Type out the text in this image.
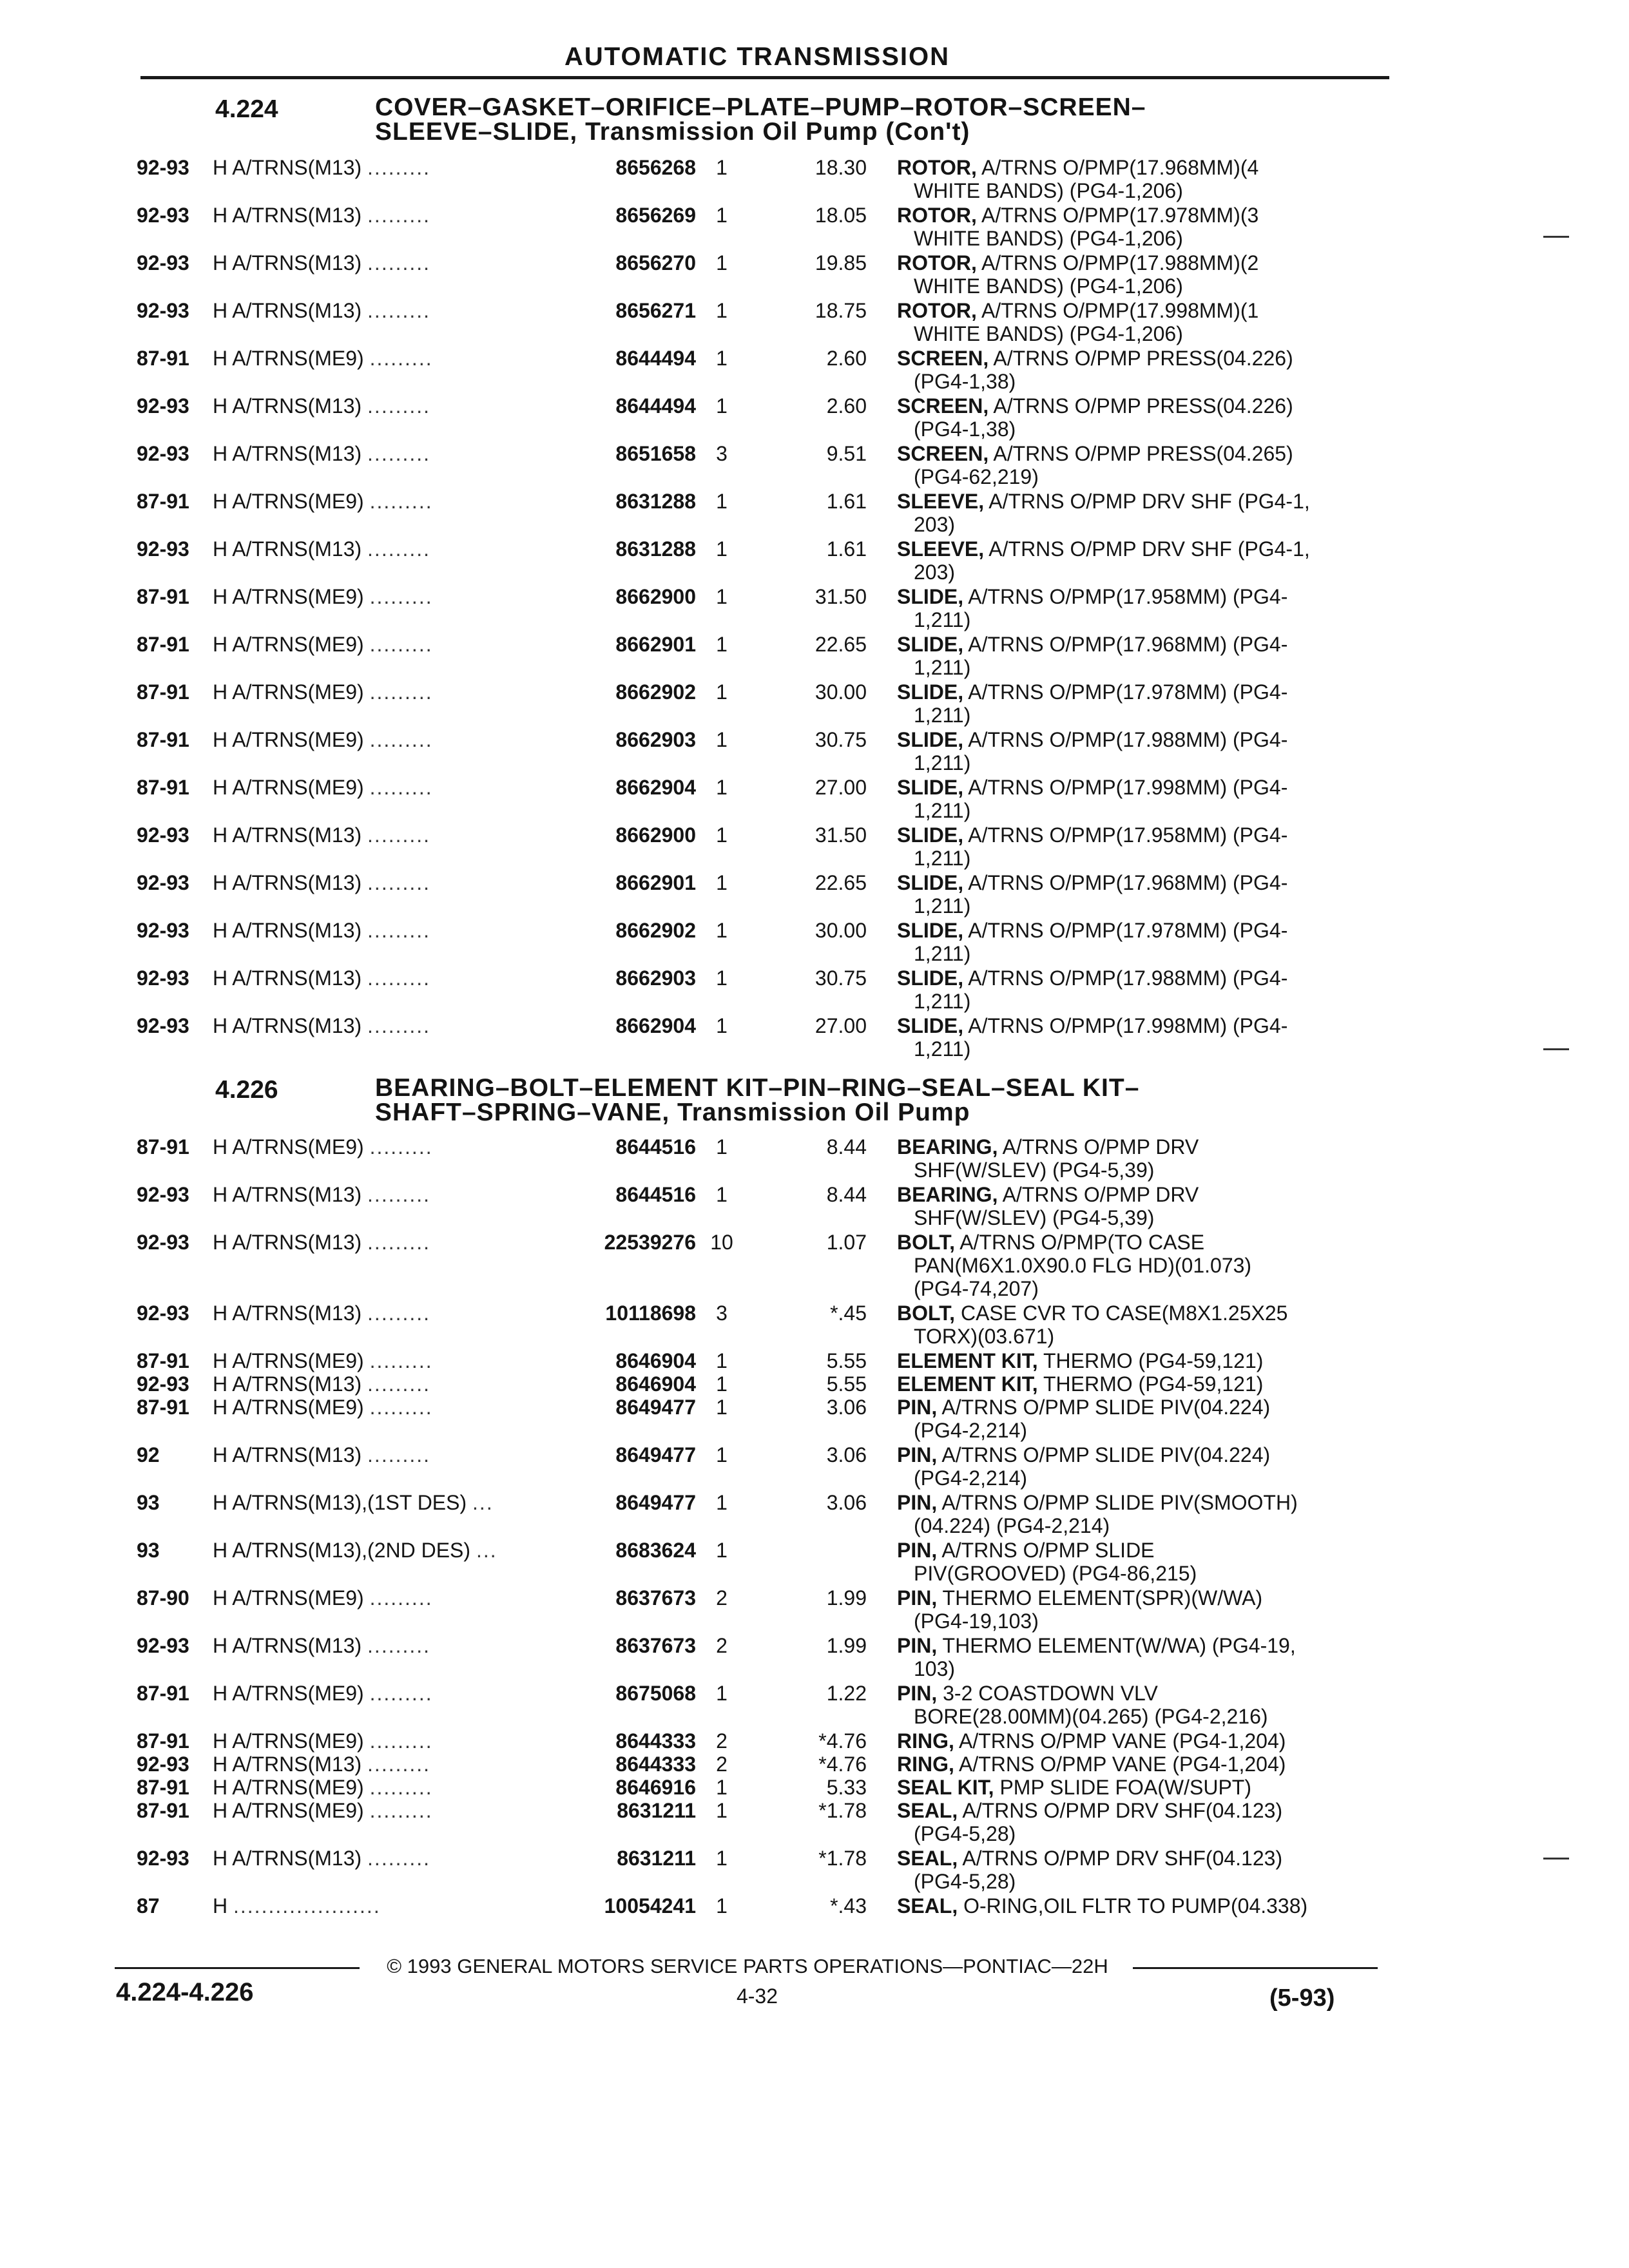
AUTOMATIC TRANSMISSION
4.224	COVER–GASKET–ORIFICE–PLATE–PUMP–ROTOR–SCREEN–
SLEEVE–SLIDE, Transmission Oil Pump (Con't)
92-93 H A/TRNS(M13) .........	8656268 1	18.30 ROTOR, A/TRNS O/PMP(17.968MM)(4
WHITE BANDS) (PG4-1,206)
92-93 H A/TRNS(M13) .........	8656269 1	18.05 ROTOR, A/TRNS O/PMP(17.978MM)(3
WHITE BANDS) (PG4-1,206)
92-93 H A/TRNS(M13) .........	8656270 1	19.85 ROTOR, A/TRNS O/PMP(17.988MM)(2
WHITE BANDS) (PG4-1,206)
92-93 H A/TRNS(M13) .........	8656271 1	18.75 ROTOR, A/TRNS O/PMP(17.998MM)(1
WHITE BANDS) (PG4-1,206)
87-91 H A/TRNS(ME9) .........	8644494 1	2.60 SCREEN, A/TRNS O/PMP PRESS(04.226)
(PG4-1,38)
92-93 H A/TRNS(M13) .........	8644494 1	2.60 SCREEN, A/TRNS O/PMP PRESS(04.226)
(PG4-1,38)
92-93 H A/TRNS(M13) .........	8651658 3	9.51 SCREEN, A/TRNS O/PMP PRESS(04.265)
(PG4-62,219)
87-91 H A/TRNS(ME9) .........	8631288 1	1.61 SLEEVE, A/TRNS O/PMP DRV SHF (PG4-1,
203)
92-93 H A/TRNS(M13) .........	8631288 1	1.61 SLEEVE, A/TRNS O/PMP DRV SHF (PG4-1,
203)
87-91 H A/TRNS(ME9) .........	8662900 1	31.50 SLIDE, A/TRNS O/PMP(17.958MM) (PG4-
1,211)
87-91 H A/TRNS(ME9) .........	8662901 1	22.65 SLIDE, A/TRNS O/PMP(17.968MM) (PG4-
1,211)
87-91 H A/TRNS(ME9) .........	8662902 1	30.00 SLIDE, A/TRNS O/PMP(17.978MM) (PG4-
1,211)
87-91 H A/TRNS(ME9) .........	8662903 1	30.75 SLIDE, A/TRNS O/PMP(17.988MM) (PG4-
1,211)
87-91 H A/TRNS(ME9) .........	8662904 1	27.00 SLIDE, A/TRNS O/PMP(17.998MM) (PG4-
1,211)
92-93 H A/TRNS(M13) .........	8662900 1	31.50 SLIDE, A/TRNS O/PMP(17.958MM) (PG4-
1,211)
92-93 H A/TRNS(M13) .........	8662901 1	22.65 SLIDE, A/TRNS O/PMP(17.968MM) (PG4-
1,211)
92-93 H A/TRNS(M13) .........	8662902 1	30.00 SLIDE, A/TRNS O/PMP(17.978MM) (PG4-
1,211)
92-93 H A/TRNS(M13) .........	8662903 1	30.75 SLIDE, A/TRNS O/PMP(17.988MM) (PG4-
1,211)
92-93 H A/TRNS(M13) .........	8662904 1	27.00 SLIDE, A/TRNS O/PMP(17.998MM) (PG4-
1,211)
4.226	BEARING–BOLT–ELEMENT KIT–PIN–RING–SEAL–SEAL KIT–
SHAFT–SPRING–VANE, Transmission Oil Pump
87-91 H A/TRNS(ME9) .........	8644516 1	8.44 BEARING, A/TRNS O/PMP DRV
SHF(W/SLEV) (PG4-5,39)
92-93 H A/TRNS(M13) .........	8644516 1	8.44 BEARING, A/TRNS O/PMP DRV
SHF(W/SLEV) (PG4-5,39)
92-93 H A/TRNS(M13) .........	22539276 10	1.07 BOLT, A/TRNS O/PMP(TO CASE
PAN(M6X1.0X90.0 FLG HD)(01.073)
(PG4-74,207)
92-93 H A/TRNS(M13) .........	10118698 3	*.45 BOLT, CASE CVR TO CASE(M8X1.25X25
TORX)(03.671)
87-91 H A/TRNS(ME9) .........	8646904 1	5.55 ELEMENT KIT, THERMO (PG4-59,121)
92-93 H A/TRNS(M13) .........	8646904 1	5.55 ELEMENT KIT, THERMO (PG4-59,121)
87-91 H A/TRNS(ME9) .........	8649477 1	3.06 PIN, A/TRNS O/PMP SLIDE PIV(04.224)
(PG4-2,214)
92	H A/TRNS(M13) .........	8649477 1	3.06 PIN, A/TRNS O/PMP SLIDE PIV(04.224)
(PG4-2,214)
93	H A/TRNS(M13),(1ST DES) ...	8649477 1	3.06 PIN, A/TRNS O/PMP SLIDE PIV(SMOOTH)
(04.224) (PG4-2,214)
93	H A/TRNS(M13),(2ND DES) ...	8683624 1	PIN, A/TRNS O/PMP SLIDE
PIV(GROOVED) (PG4-86,215)
87-90 H A/TRNS(ME9) .........	8637673 2	1.99 PIN, THERMO ELEMENT(SPR)(W/WA)
(PG4-19,103)
92-93 H A/TRNS(M13) .........	8637673 2	1.99 PIN, THERMO ELEMENT(W/WA) (PG4-19,
103)
87-91 H A/TRNS(ME9) .........	8675068 1	1.22 PIN, 3-2 COASTDOWN VLV
BORE(28.00MM)(04.265) (PG4-2,216)
87-91 H A/TRNS(ME9) .........	8644333 2	*4.76 RING, A/TRNS O/PMP VANE (PG4-1,204)
92-93 H A/TRNS(M13) .........	8644333 2	*4.76 RING, A/TRNS O/PMP VANE (PG4-1,204)
87-91 H A/TRNS(ME9) .........	8646916 1	5.33 SEAL KIT, PMP SLIDE FOA(W/SUPT)
87-91 H A/TRNS(ME9) .........	8631211 1	*1.78 SEAL, A/TRNS O/PMP DRV SHF(04.123)
(PG4-5,28)
92-93 H A/TRNS(M13) .........	8631211 1	*1.78 SEAL, A/TRNS O/PMP DRV SHF(04.123)
(PG4-5,28)
87	H .....................	10054241 1	*.43 SEAL, O-RING,OIL FLTR TO PUMP(04.338)
© 1993 GENERAL MOTORS SERVICE PARTS OPERATIONS—PONTIAC—22H
4.224-4.226	4-32	(5-93)
